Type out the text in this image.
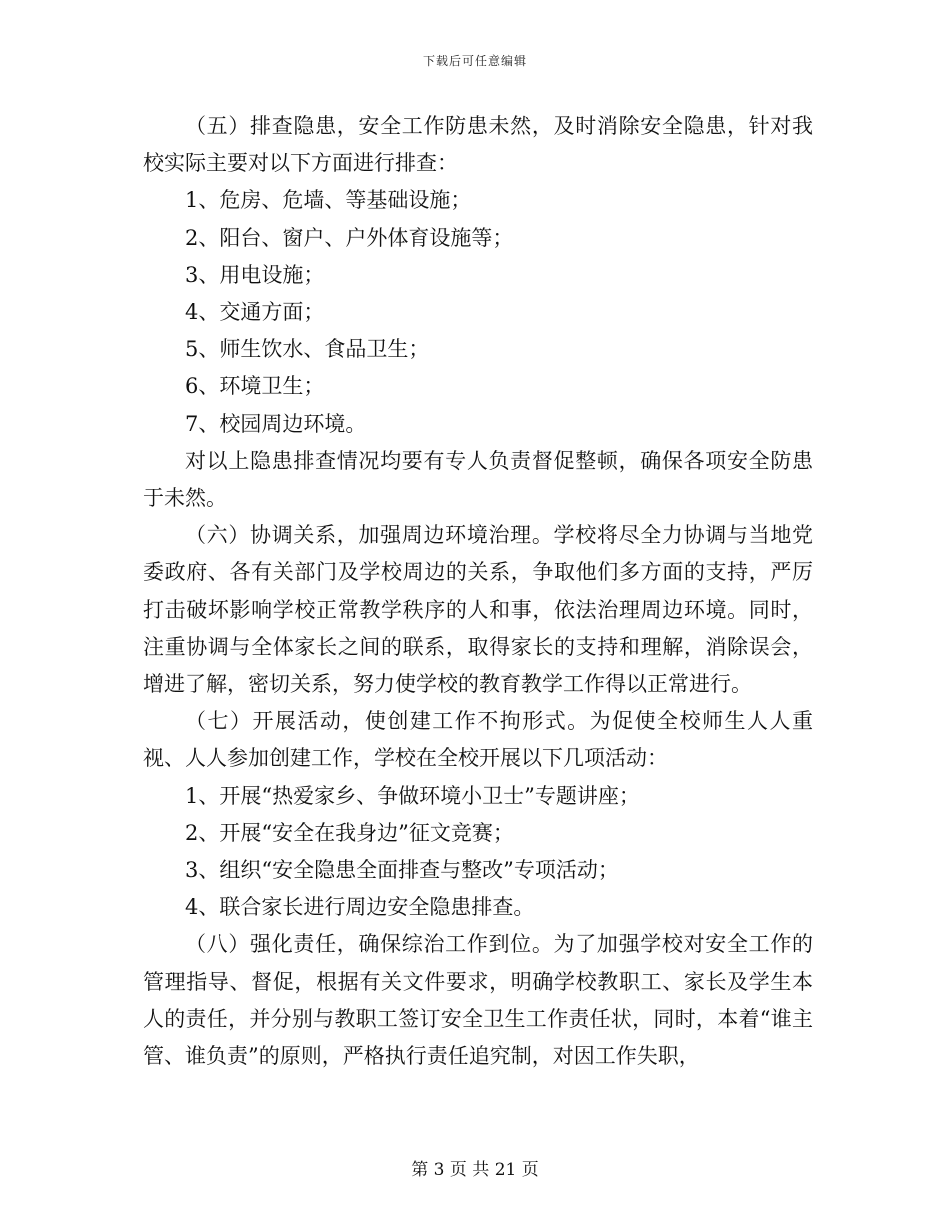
下载后可任意编辑

（五）排查隐患，安全工作防患未然，及时消除安全隐患，针对我校实际主要对以下方面进行排查：

1、危房、危墙、等基础设施；

2、阳台、窗户、户外体育设施等；

3、用电设施；

4、交通方面；

5、师生饮水、食品卫生；

6、环境卫生；

7、校园周边环境。

对以上隐患排查情况均要有专人负责督促整顿，确保各项安全防患于未然。

（六）协调关系，加强周边环境治理。学校将尽全力协调与当地党委政府、各有关部门及学校周边的关系，争取他们多方面的支持，严厉打击破坏影响学校正常教学秩序的人和事，依法治理周边环境。同时，注重协调与全体家长之间的联系，取得家长的支持和理解，消除误会，增进了解，密切关系，努力使学校的教育教学工作得以正常进行。

（七）开展活动，使创建工作不拘形式。为促使全校师生人人重视、人人参加创建工作，学校在全校开展以下几项活动：

1、开展“热爱家乡、争做环境小卫士”专题讲座；

2、开展“安全在我身边”征文竞赛；

3、组织“安全隐患全面排查与整改”专项活动；

4、联合家长进行周边安全隐患排查。

（八）强化责任，确保综治工作到位。为了加强学校对安全工作的管理指导、督促，根据有关文件要求，明确学校教职工、家长及学生本人的责任，并分别与教职工签订安全卫生工作责任状，同时，本着“谁主管、谁负责”的原则，严格执行责任追究制，对因工作失职，

第 3 页 共 21 页
